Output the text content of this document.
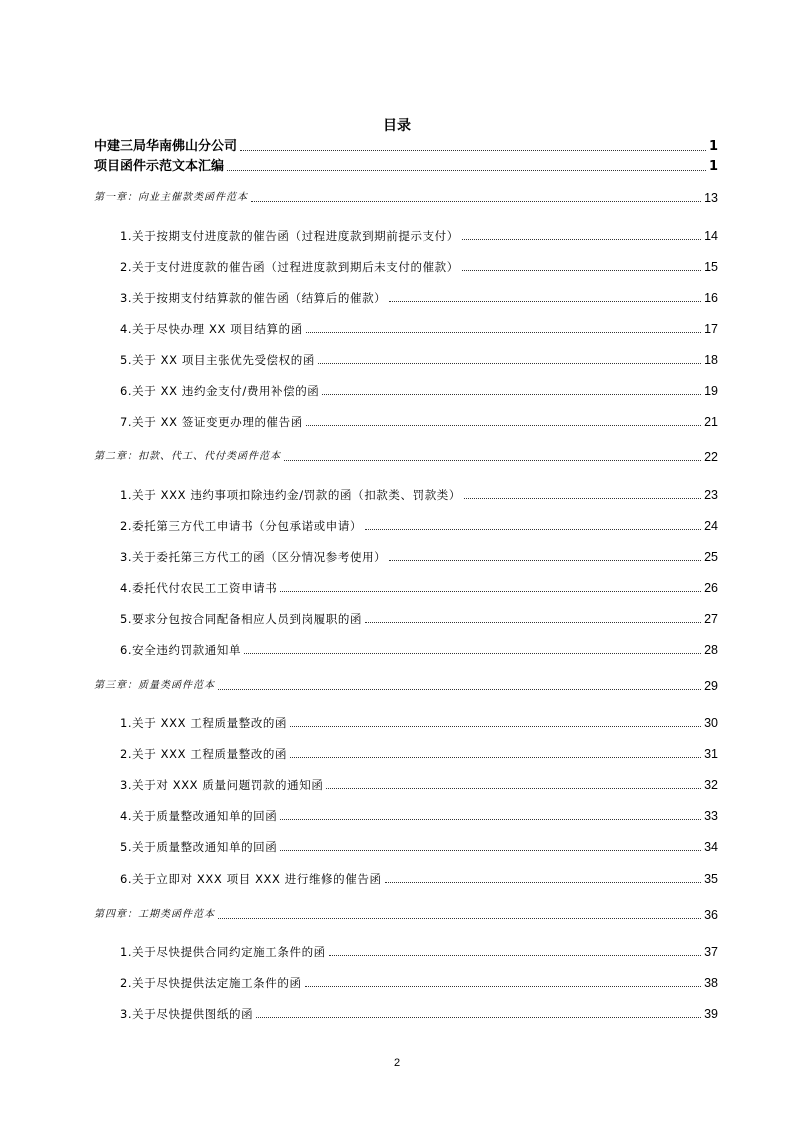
目录
中建三局华南佛山分公司	1
项目函件示范文本汇编	1
第一章：向业主催款类函件范本	13
1.关于按期支付进度款的催告函（过程进度款到期前提示支付）	14
2.关于支付进度款的催告函（过程进度款到期后未支付的催款）	15
3.关于按期支付结算款的催告函（结算后的催款）	16
4.关于尽快办理 XX 项目结算的函	17
5.关于 XX 项目主张优先受偿权的函	18
6.关于 XX 违约金支付/费用补偿的函	19
7.关于 XX 签证变更办理的催告函	21
第二章：扣款、代工、代付类函件范本	22
1.关于 XXX 违约事项扣除违约金/罚款的函（扣款类、罚款类）	23
2.委托第三方代工申请书（分包承诺或申请）	24
3.关于委托第三方代工的函（区分情况参考使用）	25
4.委托代付农民工工资申请书	26
5.要求分包按合同配备相应人员到岗履职的函	27
6.安全违约罚款通知单	28
第三章：质量类函件范本	29
1.关于 XXX 工程质量整改的函	30
2.关于 XXX 工程质量整改的函	31
3.关于对 XXX 质量问题罚款的通知函	32
4.关于质量整改通知单的回函	33
5.关于质量整改通知单的回函	34
6.关于立即对 XXX 项目 XXX 进行维修的催告函	35
第四章：工期类函件范本	36
1.关于尽快提供合同约定施工条件的函	37
2.关于尽快提供法定施工条件的函	38
3.关于尽快提供图纸的函	39
2
